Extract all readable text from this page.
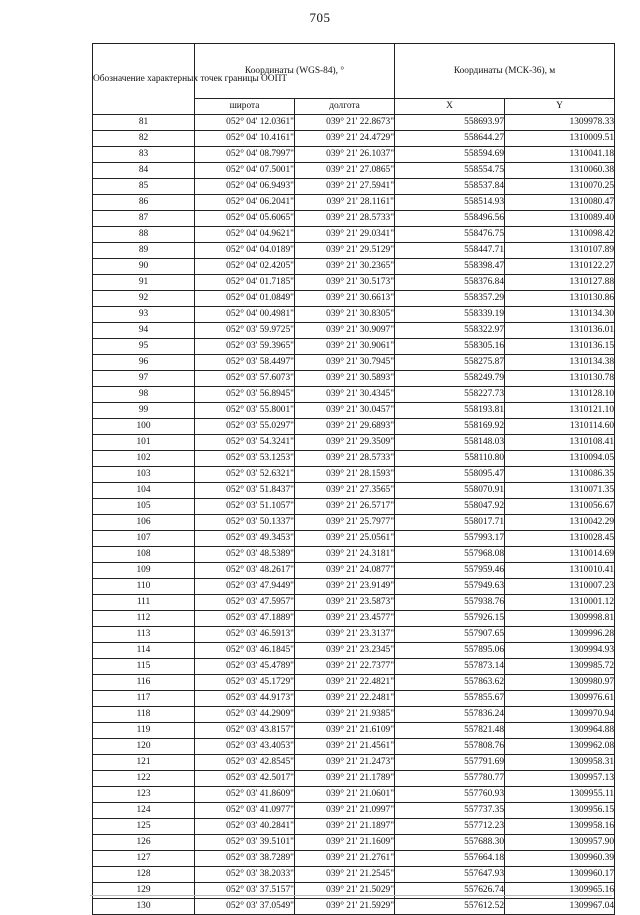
705
Обозначение характерных точек границы ООПТ	Координаты (WGS-84), °		Координаты (МСК-36), м	
	широта	долгота	X	Y
81	052° 04' 12.0361"	039° 21' 22.8673"	558693.97	1309978.33
82	052° 04' 10.4161"	039° 21' 24.4729"	558644.27	1310009.51
83	052° 04' 08.7997"	039° 21' 26.1037"	558594.69	1310041.18
84	052° 04' 07.5001"	039° 21' 27.0865"	558554.75	1310060.38
85	052° 04' 06.9493"	039° 21' 27.5941"	558537.84	1310070.25
86	052° 04' 06.2041"	039° 21' 28.1161"	558514.93	1310080.47
87	052° 04' 05.6065"	039° 21' 28.5733"	558496.56	1310089.40
88	052° 04' 04.9621"	039° 21' 29.0341"	558476.75	1310098.42
89	052° 04' 04.0189"	039° 21' 29.5129"	558447.71	1310107.89
90	052° 04' 02.4205"	039° 21' 30.2365"	558398.47	1310122.27
91	052° 04' 01.7185"	039° 21' 30.5173"	558376.84	1310127.88
92	052° 04' 01.0849"	039° 21' 30.6613"	558357.29	1310130.86
93	052° 04' 00.4981"	039° 21' 30.8305"	558339.19	1310134.30
94	052° 03' 59.9725"	039° 21' 30.9097"	558322.97	1310136.01
95	052° 03' 59.3965"	039° 21' 30.9061"	558305.16	1310136.15
96	052° 03' 58.4497"	039° 21' 30.7945"	558275.87	1310134.38
97	052° 03' 57.6073"	039° 21' 30.5893"	558249.79	1310130.78
98	052° 03' 56.8945"	039° 21' 30.4345"	558227.73	1310128.10
99	052° 03' 55.8001"	039° 21' 30.0457"	558193.81	1310121.10
100	052° 03' 55.0297"	039° 21' 29.6893"	558169.92	1310114.60
101	052° 03' 54.3241"	039° 21' 29.3509"	558148.03	1310108.41
102	052° 03' 53.1253"	039° 21' 28.5733"	558110.80	1310094.05
103	052° 03' 52.6321"	039° 21' 28.1593"	558095.47	1310086.35
104	052° 03' 51.8437"	039° 21' 27.3565"	558070.91	1310071.35
105	052° 03' 51.1057"	039° 21' 26.5717"	558047.92	1310056.67
106	052° 03' 50.1337"	039° 21' 25.7977"	558017.71	1310042.29
107	052° 03' 49.3453"	039° 21' 25.0561"	557993.17	1310028.45
108	052° 03' 48.5389"	039° 21' 24.3181"	557968.08	1310014.69
109	052° 03' 48.2617"	039° 21' 24.0877"	557959.46	1310010.41
110	052° 03' 47.9449"	039° 21' 23.9149"	557949.63	1310007.23
111	052° 03' 47.5957"	039° 21' 23.5873"	557938.76	1310001.12
112	052° 03' 47.1889"	039° 21' 23.4577"	557926.15	1309998.81
113	052° 03' 46.5913"	039° 21' 23.3137"	557907.65	1309996.28
114	052° 03' 46.1845"	039° 21' 23.2345"	557895.06	1309994.93
115	052° 03' 45.4789"	039° 21' 22.7377"	557873.14	1309985.72
116	052° 03' 45.1729"	039° 21' 22.4821"	557863.62	1309980.97
117	052° 03' 44.9173"	039° 21' 22.2481"	557855.67	1309976.61
118	052° 03' 44.2909"	039° 21' 21.9385"	557836.24	1309970.94
119	052° 03' 43.8157"	039° 21' 21.6109"	557821.48	1309964.88
120	052° 03' 43.4053"	039° 21' 21.4561"	557808.76	1309962.08
121	052° 03' 42.8545"	039° 21' 21.2473"	557791.69	1309958.31
122	052° 03' 42.5017"	039° 21' 21.1789"	557780.77	1309957.13
123	052° 03' 41.8609"	039° 21' 21.0601"	557760.93	1309955.11
124	052° 03' 41.0977"	039° 21' 21.0997"	557737.35	1309956.15
125	052° 03' 40.2841"	039° 21' 21.1897"	557712.23	1309958.16
126	052° 03' 39.5101"	039° 21' 21.1609"	557688.30	1309957.90
127	052° 03' 38.7289"	039° 21' 21.2761"	557664.18	1309960.39
128	052° 03' 38.2033"	039° 21' 21.2545"	557647.93	1309960.17
129	052° 03' 37.5157"	039° 21' 21.5029"	557626.74	1309965.16
130	052° 03' 37.0549"	039° 21' 21.5929"	557612.52	1309967.04
